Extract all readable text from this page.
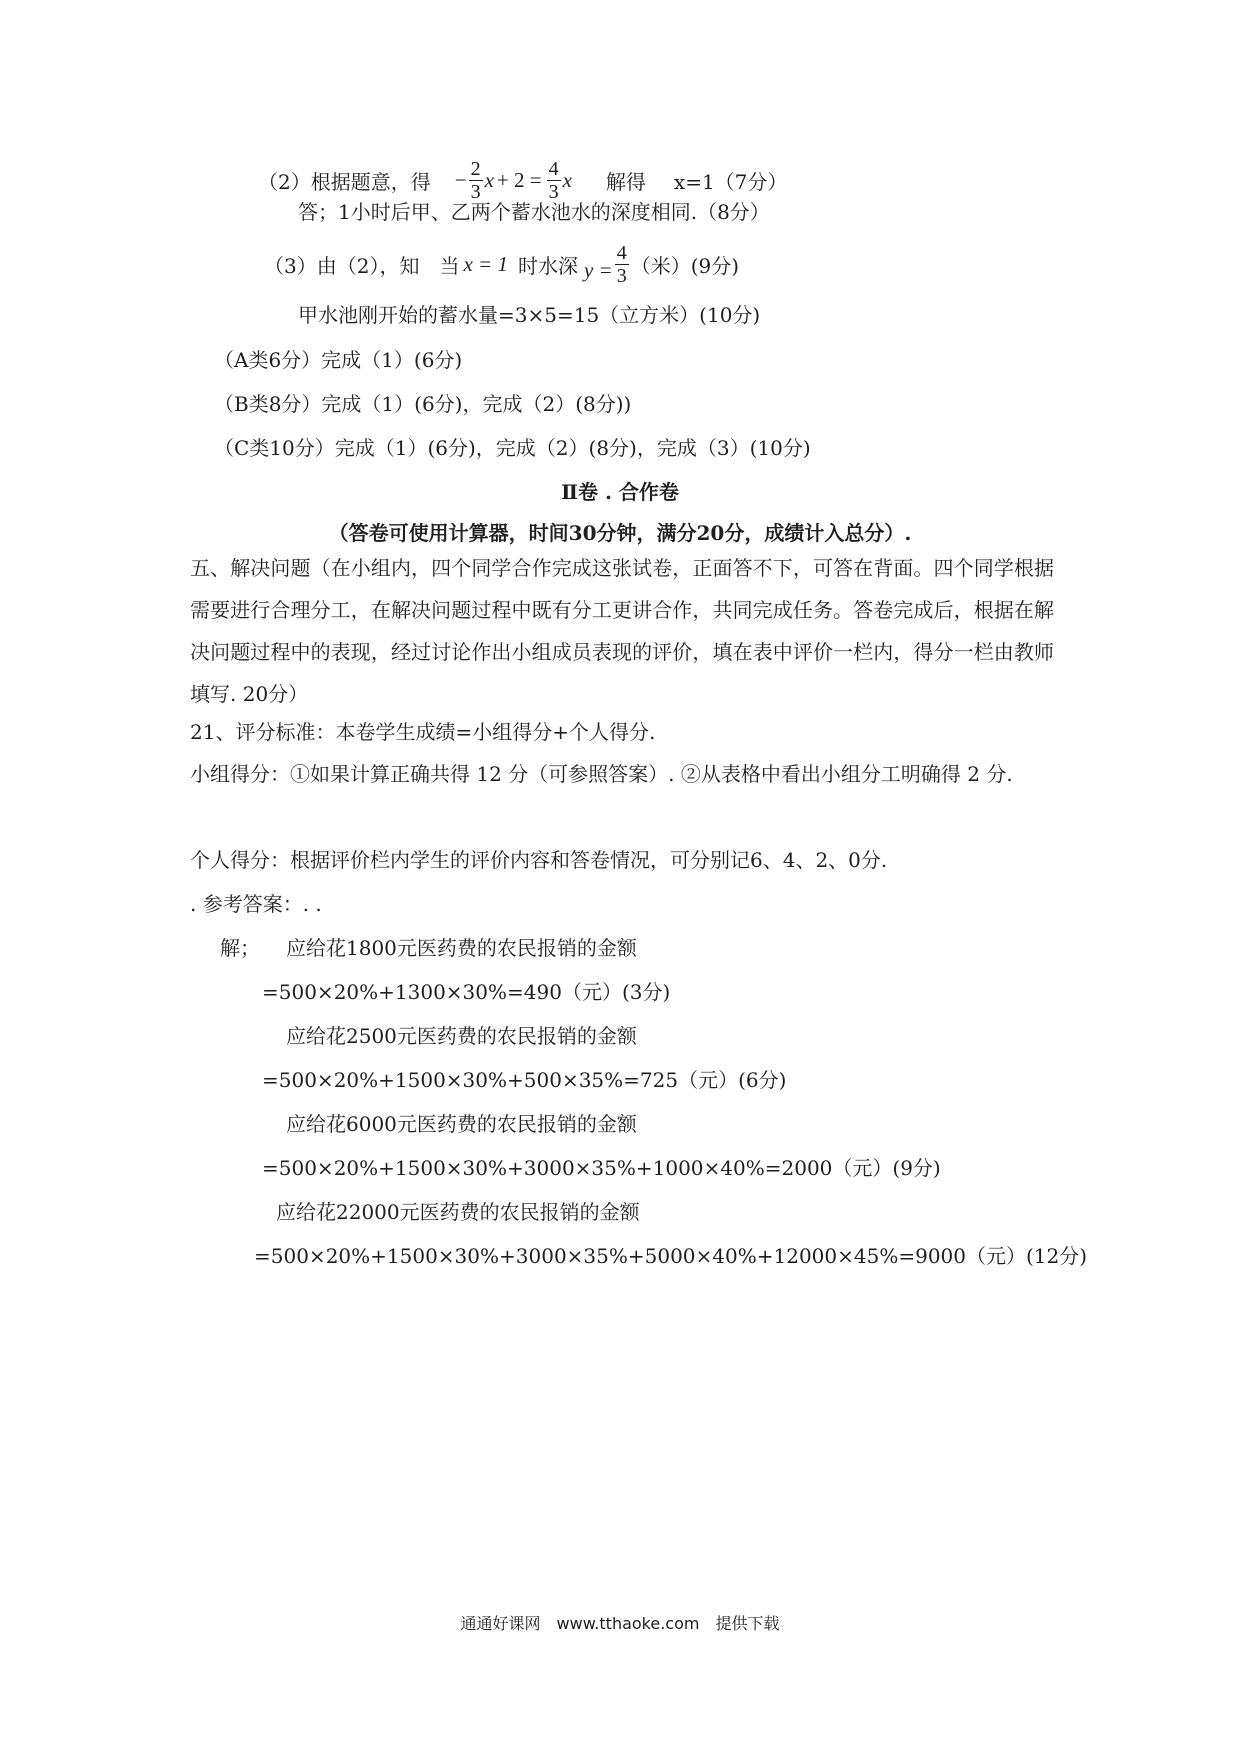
（2）根据题意，得 − $\frac{2}{3}$ $x + 2 = \frac{4}{3}$ x 解得 x=1（7分）
答；1小时后甲、乙两个蓄水池水的深度相同.（8分）
（3）由（2），知　当 x = 1 时水深 $y = \frac{4}{3}$ （米）(9分)
甲水池刚开始的蓄水量=3×5=15（立方米）(10分)
（A类6分）完成（1）(6分)
（B类8分）完成（1）(6分)，完成（2）(8分))
（C类10分）完成（1）(6分)，完成（2）(8分)，完成（3）(10分)
Ⅱ卷 . 合作卷
（答卷可使用计算器，时间30分钟，满分20分，成绩计入总分）.
五、解决问题（在小组内，四个同学合作完成这张试卷，正面答不下，可答在背面。四个同学根据需要进行合理分工，在解决问题过程中既有分工更讲合作，共同完成任务。答卷完成后，根据在解决问题过程中的表现，经过讨论作出小组成员表现的评价，填在表中评价一栏内，得分一栏由教师填写. 20分）
21、评分标准：本卷学生成绩=小组得分+个人得分.
小组得分：①如果计算正确共得 12 分（可参照答案）. ②从表格中看出小组分工明确得 2 分.
个人得分：根据评价栏内学生的评价内容和答卷情况，可分别记6、4、2、0分.
. 参考答案：. .
解； 应给花1800元医药费的农民报销的金额
=500×20%+1300×30%=490（元）(3分)
应给花2500元医药费的农民报销的金额
=500×20%+1500×30%+500×35%=725（元）(6分)
应给花6000元医药费的农民报销的金额
=500×20%+1500×30%+3000×35%+1000×40%=2000（元）(9分)
应给花22000元医药费的农民报销的金额
=500×20%+1500×30%+3000×35%+5000×40%+12000×45%=9000（元）(12分)
通通好课网　www.tthaoke.com　提供下载
